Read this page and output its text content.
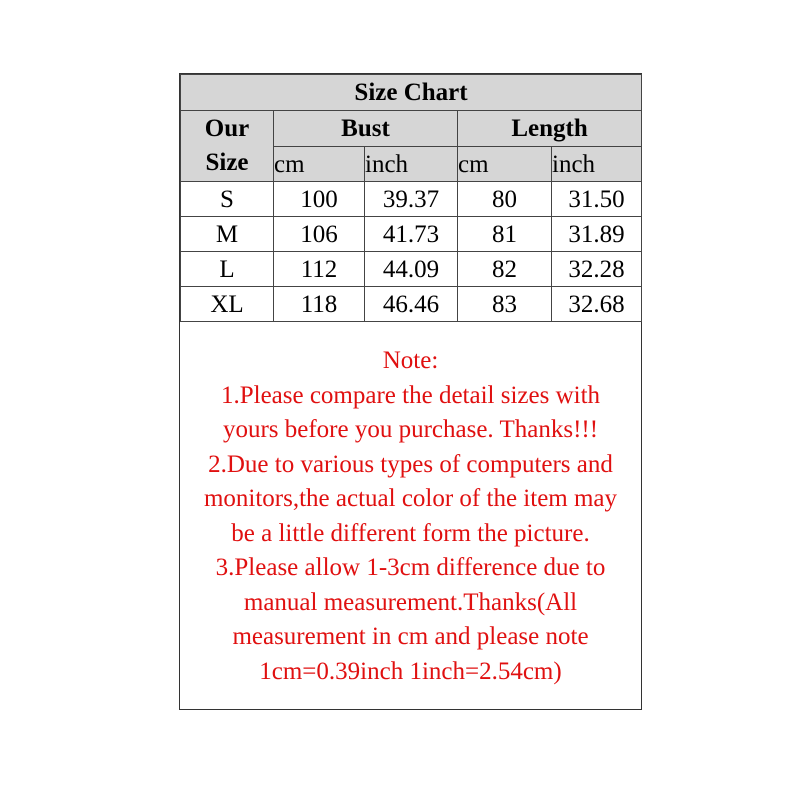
Size Chart				

Our
Size	Bust		Length	
	cm	inch	cm	inch
S	100	39.37	80	31.50
M	106	41.73	81	31.89
L	112	44.09	82	32.28
XL	118	46.46	83	32.68
Note:
1.Please compare the detail sizes with
yours before you purchase. Thanks!!!
2.Due to various types of computers and
monitors,the actual color of the item may
be a little different form the picture.
3.Please allow 1-3cm difference due to
manual measurement.Thanks(All
measurement in cm and please note
1cm=0.39inch 1inch=2.54cm)
